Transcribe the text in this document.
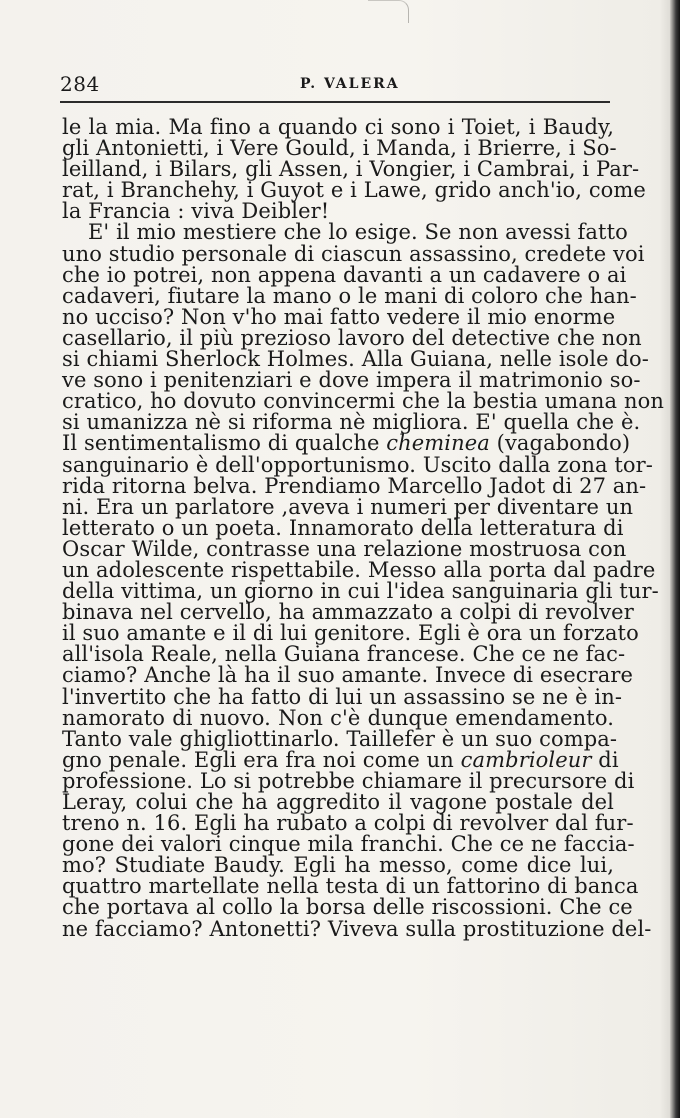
284	P. VALERA
le la mia. Ma fino a quando ci sono i Toiet, i Baudy,
gli Antonietti, i Vere Gould, i Manda, i Brierre, i So-
leilland, i Bilars, gli Assen, i Vongier, i Cambrai, i Par-
rat, i Branchehy, i Guyot e i Lawe, grido anch'io, come
la Francia : viva Deibler!
E' il mio mestiere che lo esige. Se non avessi fatto
uno studio personale di ciascun assassino, credete voi
che io potrei, non appena davanti a un cadavere o ai
cadaveri, fiutare la mano o le mani di coloro che han-
no ucciso? Non v'ho mai fatto vedere il mio enorme
casellario, il più prezioso lavoro del detective che non
si chiami Sherlock Holmes. Alla Guiana, nelle isole do-
ve sono i penitenziari e dove impera il matrimonio so-
cratico, ho dovuto convincermi che la bestia umana non
si umanizza nè si riforma nè migliora. E' quella che è.
Il sentimentalismo di qualche cheminea (vagabondo)
sanguinario è dell'opportunismo. Uscito dalla zona tor-
rida ritorna belva. Prendiamo Marcello Jadot di 27 an-
ni. Era un parlatore ,aveva i numeri per diventare un
letterato o un poeta. Innamorato della letteratura di
Oscar Wilde, contrasse una relazione mostruosa con
un adolescente rispettabile. Messo alla porta dal padre
della vittima, un giorno in cui l'idea sanguinaria gli tur-
binava nel cervello, ha ammazzato a colpi di revolver
il suo amante e il di lui genitore. Egli è ora un forzato
all'isola Reale, nella Guiana francese. Che ce ne fac-
ciamo? Anche là ha il suo amante. Invece di esecrare
l'invertito che ha fatto di lui un assassino se ne è in-
namorato di nuovo. Non c'è dunque emendamento.
Tanto vale ghigliottinarlo. Taillefer è un suo compa-
gno penale. Egli era fra noi come un cambrioleur di
professione. Lo si potrebbe chiamare il precursore di
Leray, colui che ha aggredito il vagone postale del
treno n. 16. Egli ha rubato a colpi di revolver dal fur-
gone dei valori cinque mila franchi. Che ce ne faccia-
mo? Studiate Baudy. Egli ha messo, come dice lui,
quattro martellate nella testa di un fattorino di banca
che portava al collo la borsa delle riscossioni. Che ce
ne facciamo? Antonetti? Viveva sulla prostituzione del-
